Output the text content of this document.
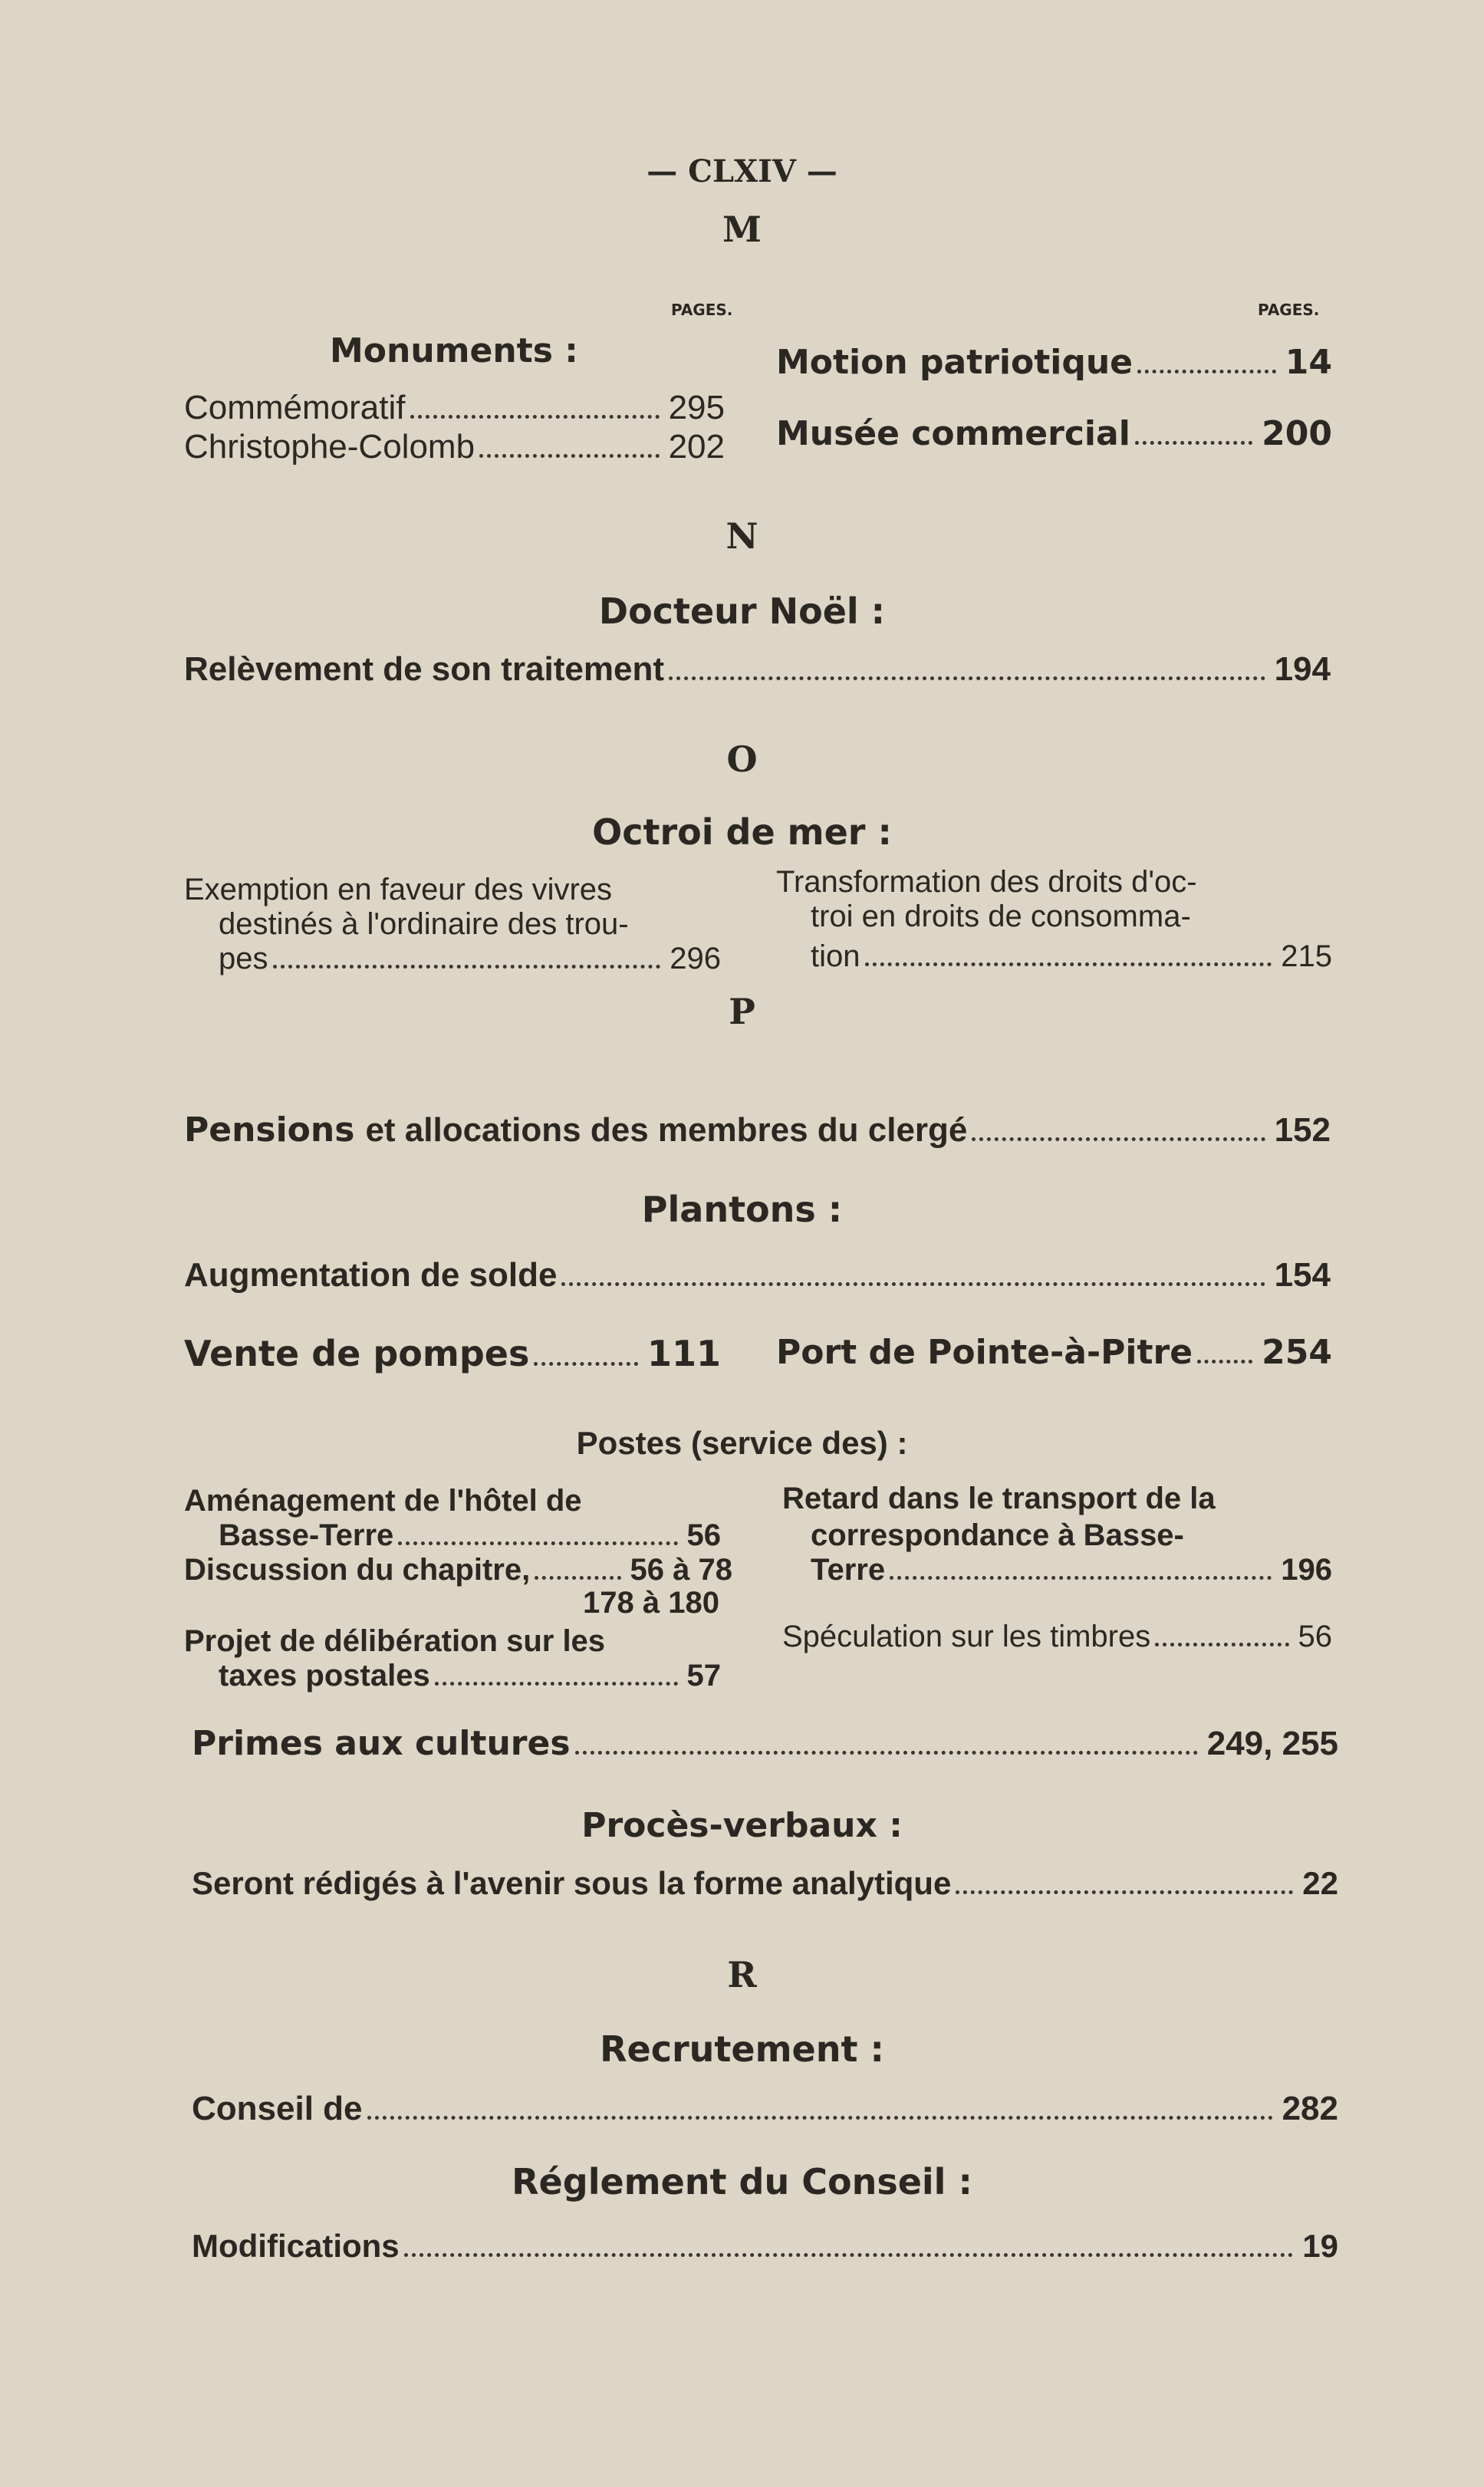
— CLXIV —
M
PAGES.	PAGES.
Monuments :
Commémoratif	295
Christophe-Colomb	202
Motion patriotique	14
Musée commercial	200
N
Docteur Noël :
Relèvement de son traitement	194
O
Octroi de mer :
Exemption en faveur des vivres
destinés à l'ordinaire des trou-
pes	296
Transformation des droits d'oc-
troi en droits de consomma-
tion	215
P
Pensions et allocations des membres du clergé	152
Plantons :
Augmentation de solde	154
Vente de pompes	111 Port de Pointe-à-Pitre 254
Postes (service des) :
Aménagement de l'hôtel de
Basse-Terre	56
Discussion du chapitre,	56 à 78
178 à 180
Projet de délibération sur les
taxes postales	57
Retard dans le transport de la
correspondance à Basse-
Terre	196
Spéculation sur les timbres	56
Primes aux cultures	249, 255
Procès-verbaux :
Seront rédigés à l'avenir sous la forme analytique	22
R
Recrutement :
Conseil de	282
Réglement du Conseil :
Modifications	19
